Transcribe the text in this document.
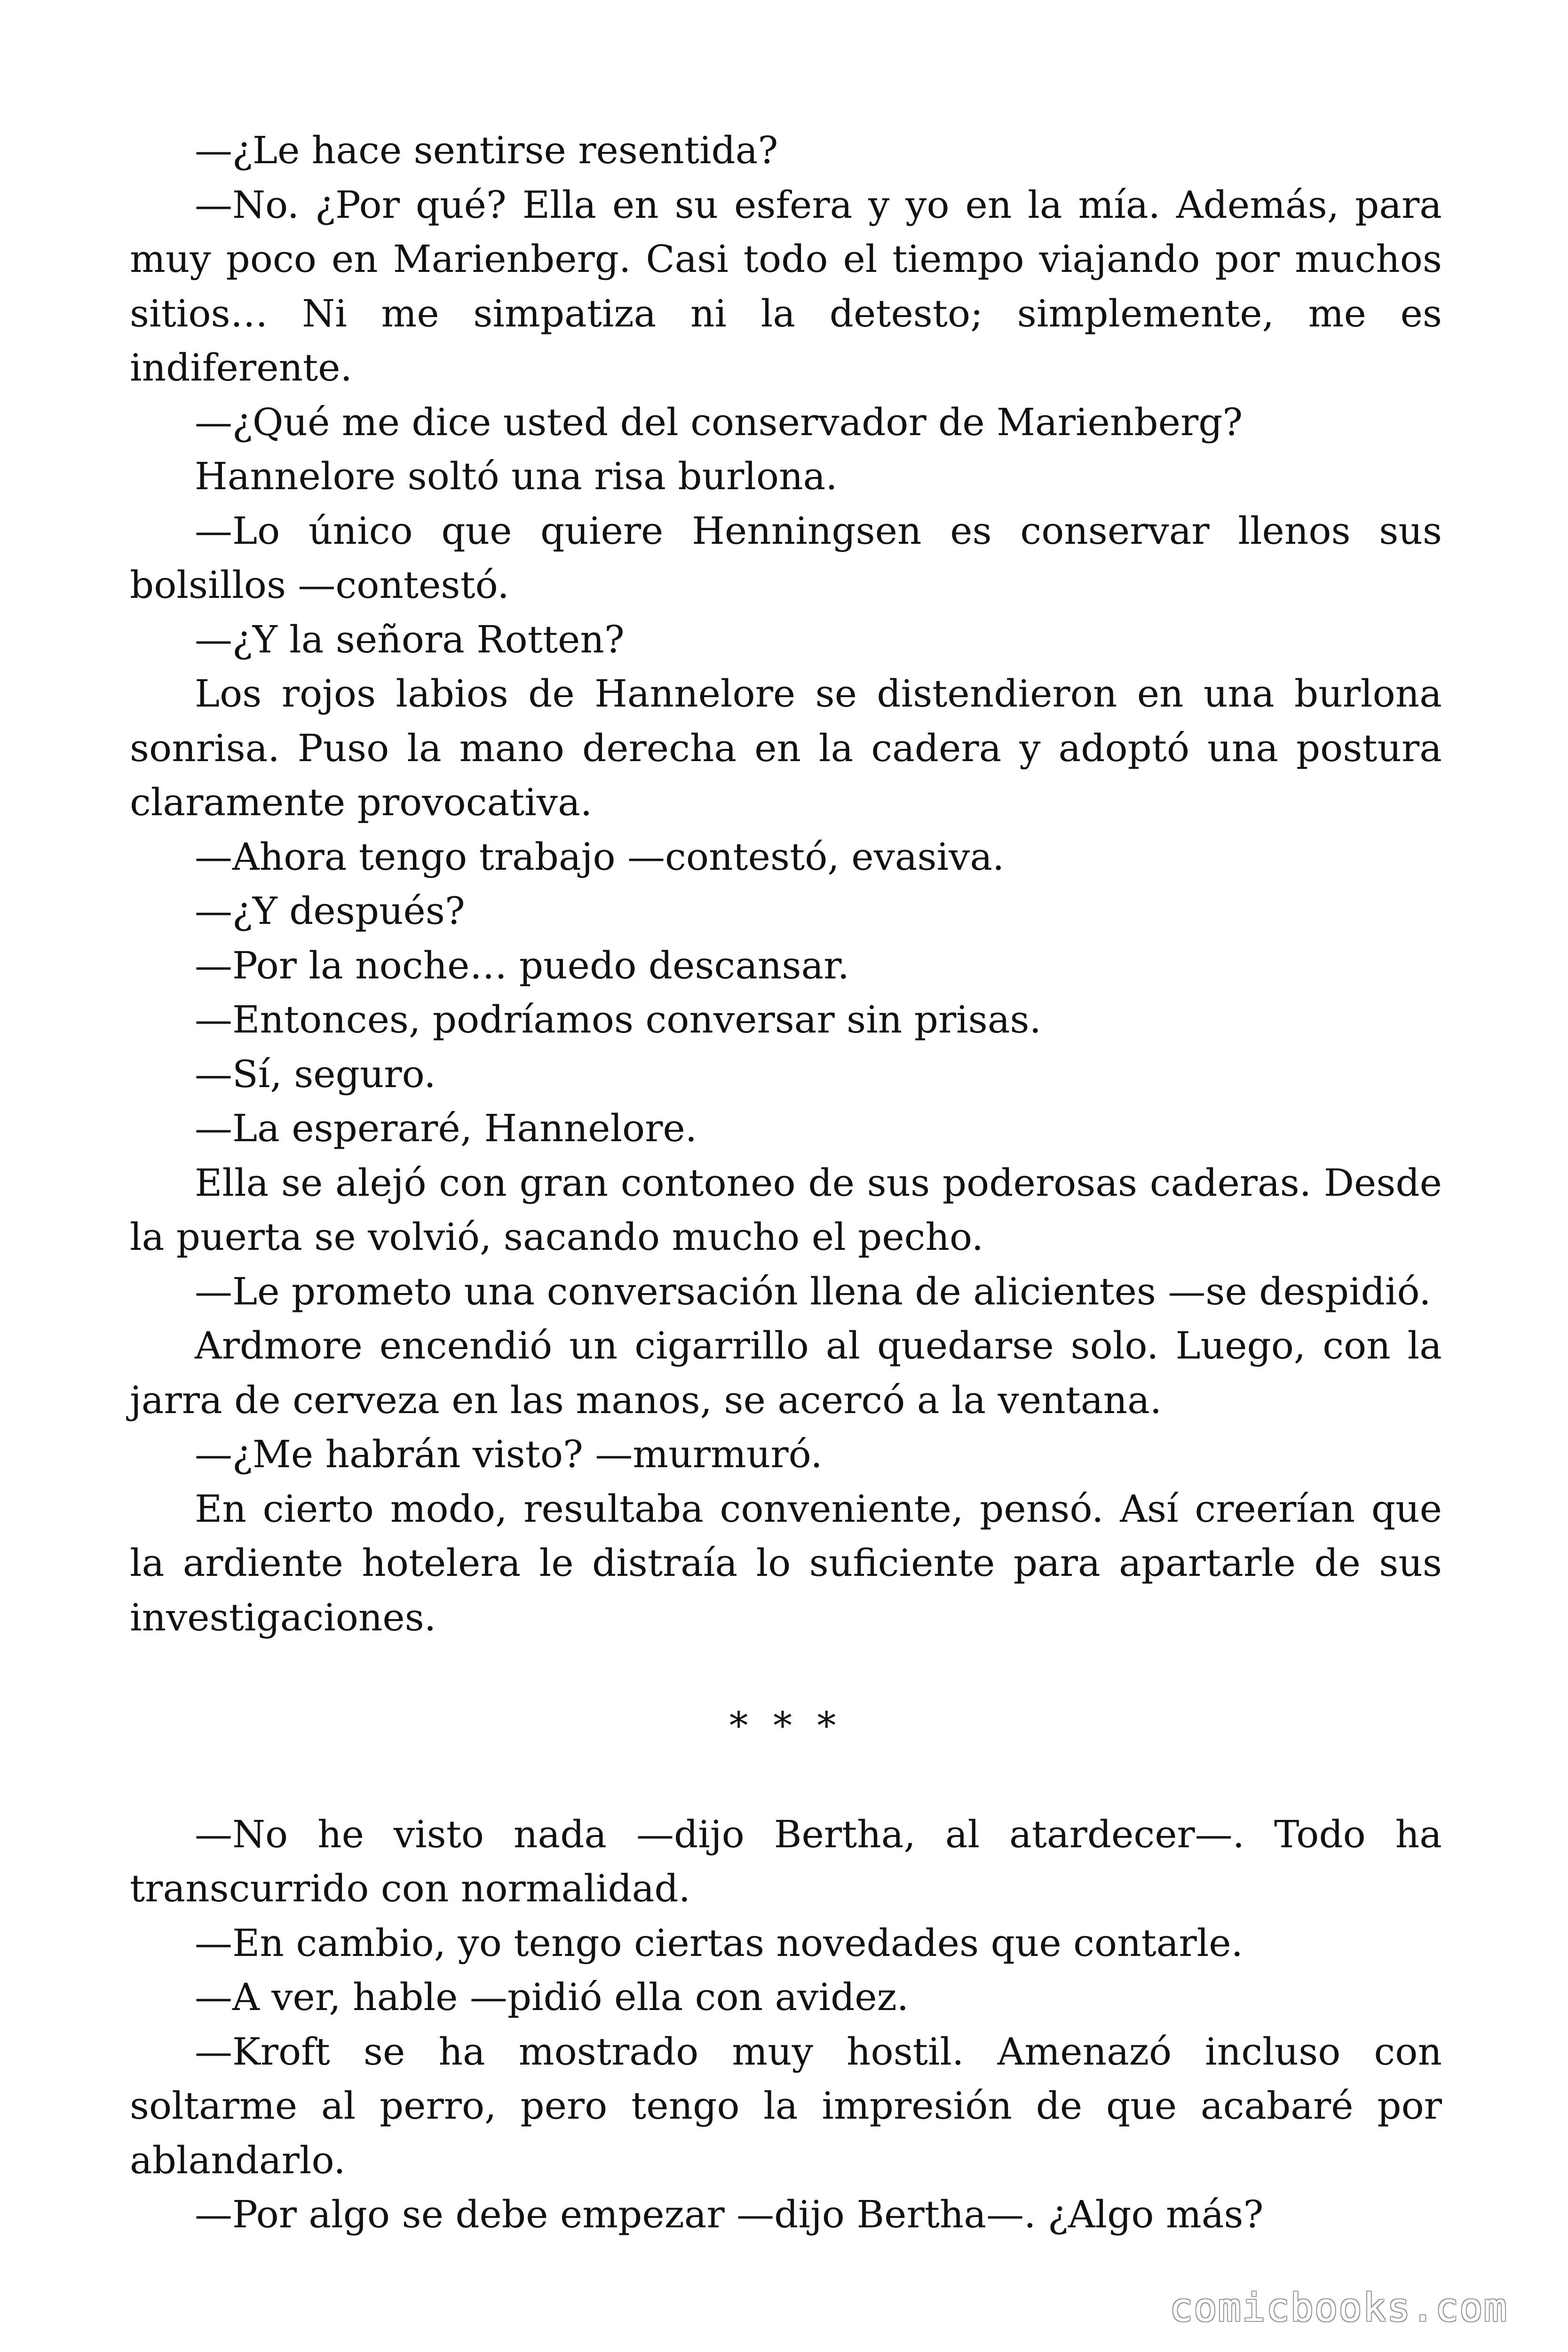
—¿Le hace sentirse resentida?

—No. ¿Por qué? Ella en su esfera y yo en la mía. Además, para muy poco en Marienberg. Casi todo el tiempo viajando por muchos sitios… Ni me simpatiza ni la detesto; simplemente, me es indiferente.

—¿Qué me dice usted del conservador de Marienberg?

Hannelore soltó una risa burlona.

—Lo único que quiere Henningsen es conservar llenos sus bolsillos —contestó.

—¿Y la señora Rotten?

Los rojos labios de Hannelore se distendieron en una burlona sonrisa. Puso la mano derecha en la cadera y adoptó una postura claramente provocativa.

—Ahora tengo trabajo —contestó, evasiva.

—¿Y después?

—Por la noche… puedo descansar.

—Entonces, podríamos conversar sin prisas.

—Sí, seguro.

—La esperaré, Hannelore.

Ella se alejó con gran contoneo de sus poderosas caderas. Desde la puerta se volvió, sacando mucho el pecho.

—Le prometo una conversación llena de alicientes —se despidió.

Ardmore encendió un cigarrillo al quedarse solo. Luego, con la jarra de cerveza en las manos, se acercó a la ventana.

—¿Me habrán visto? —murmuró.

En cierto modo, resultaba conveniente, pensó. Así creerían que la ardiente hotelera le distraía lo suficiente para apartarle de sus investigaciones.

* * *

—No he visto nada —dijo Bertha, al atardecer—. Todo ha transcurrido con normalidad.

—En cambio, yo tengo ciertas novedades que contarle.

—A ver, hable —pidió ella con avidez.

—Kroft se ha mostrado muy hostil. Amenazó incluso con soltarme al perro, pero tengo la impresión de que acabaré por ablandarlo.

—Por algo se debe empezar —dijo Bertha—. ¿Algo más?

comicbooks.com
